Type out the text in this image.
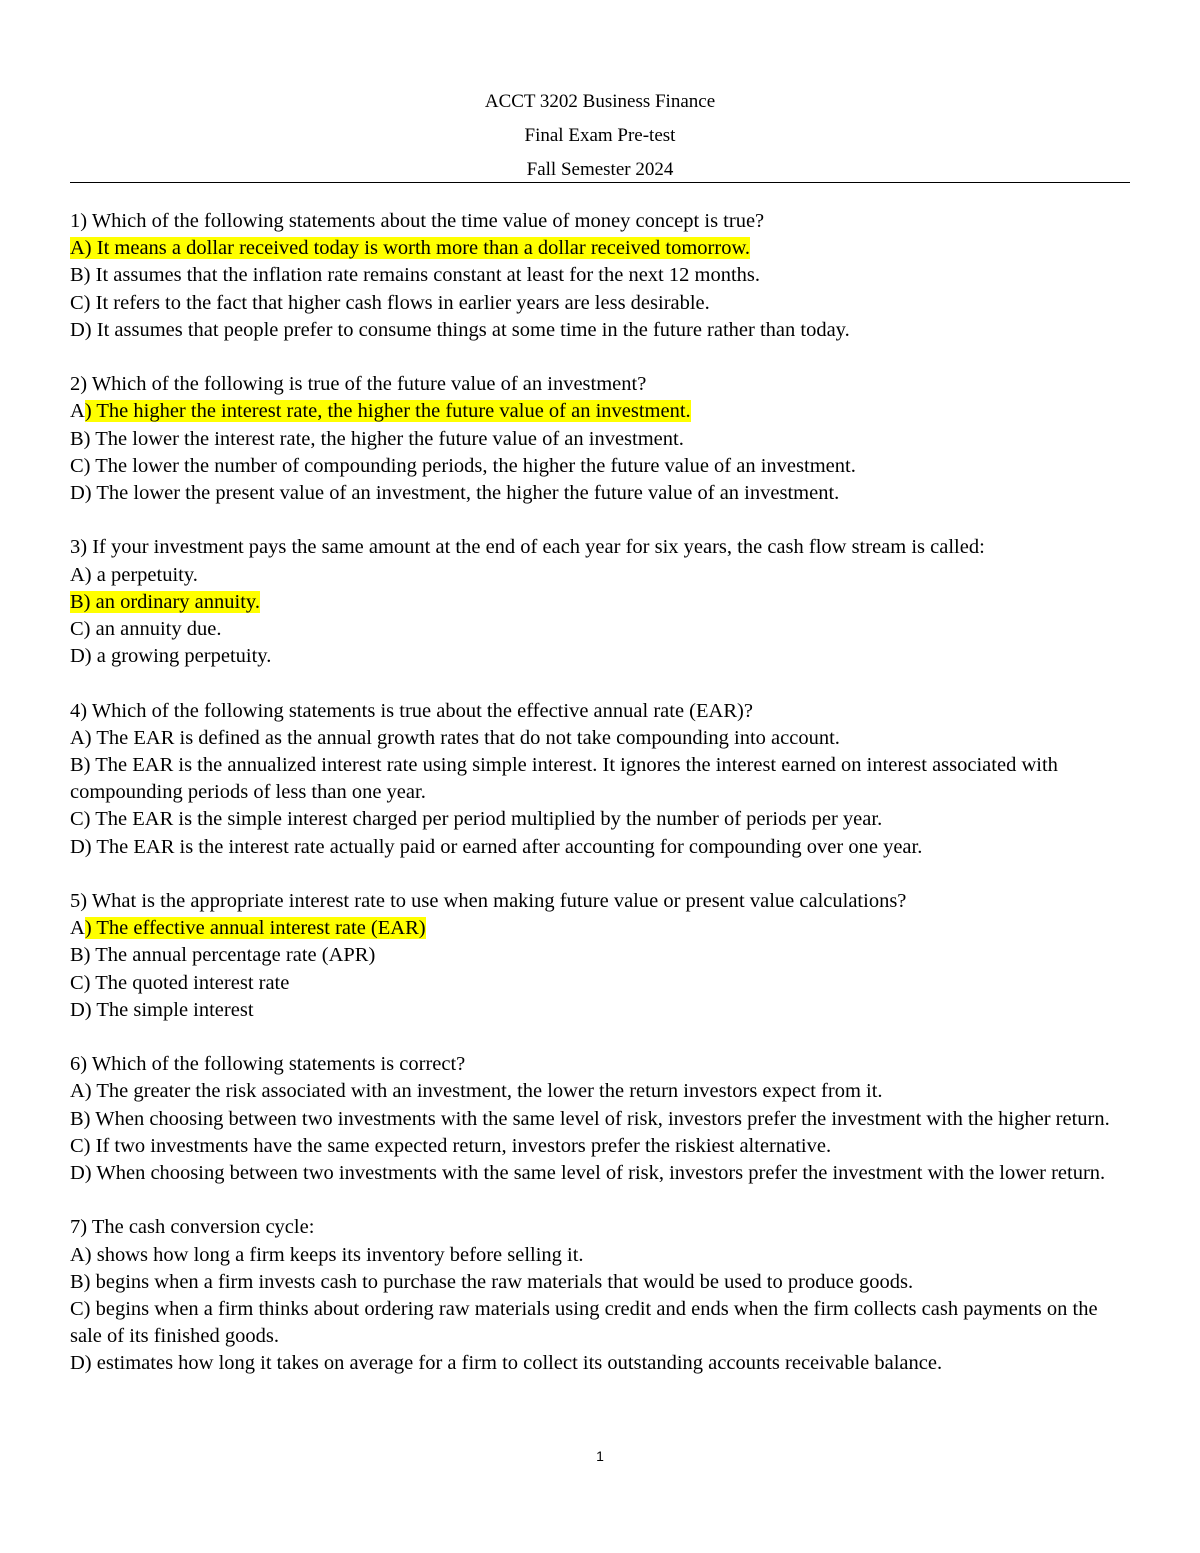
ACCT 3202 Business Finance
Final Exam Pre-test
Fall Semester 2024
1) Which of the following statements about the time value of money concept is true?
A) It means a dollar received today is worth more than a dollar received tomorrow.
B) It assumes that the inflation rate remains constant at least for the next 12 months.
C) It refers to the fact that higher cash flows in earlier years are less desirable.
D) It assumes that people prefer to consume things at some time in the future rather than today.
2) Which of the following is true of the future value of an investment?
A) The higher the interest rate, the higher the future value of an investment.
B) The lower the interest rate, the higher the future value of an investment.
C) The lower the number of compounding periods, the higher the future value of an investment.
D) The lower the present value of an investment, the higher the future value of an investment.
3) If your investment pays the same amount at the end of each year for six years, the cash flow stream is called:
A) a perpetuity.
B) an ordinary annuity.
C) an annuity due.
D) a growing perpetuity.
4) Which of the following statements is true about the effective annual rate (EAR)?
A) The EAR is defined as the annual growth rates that do not take compounding into account.
B) The EAR is the annualized interest rate using simple interest. It ignores the interest earned on interest associated with compounding periods of less than one year.
C) The EAR is the simple interest charged per period multiplied by the number of periods per year.
D) The EAR is the interest rate actually paid or earned after accounting for compounding over one year.
5) What is the appropriate interest rate to use when making future value or present value calculations?
A) The effective annual interest rate (EAR)
B) The annual percentage rate (APR)
C) The quoted interest rate
D) The simple interest
6) Which of the following statements is correct?
A) The greater the risk associated with an investment, the lower the return investors expect from it.
B) When choosing between two investments with the same level of risk, investors prefer the investment with the higher return.
C) If two investments have the same expected return, investors prefer the riskiest alternative.
D) When choosing between two investments with the same level of risk, investors prefer the investment with the lower return.
7) The cash conversion cycle:
A) shows how long a firm keeps its inventory before selling it.
B) begins when a firm invests cash to purchase the raw materials that would be used to produce goods.
C) begins when a firm thinks about ordering raw materials using credit and ends when the firm collects cash payments on the sale of its finished goods.
D) estimates how long it takes on average for a firm to collect its outstanding accounts receivable balance.
1
